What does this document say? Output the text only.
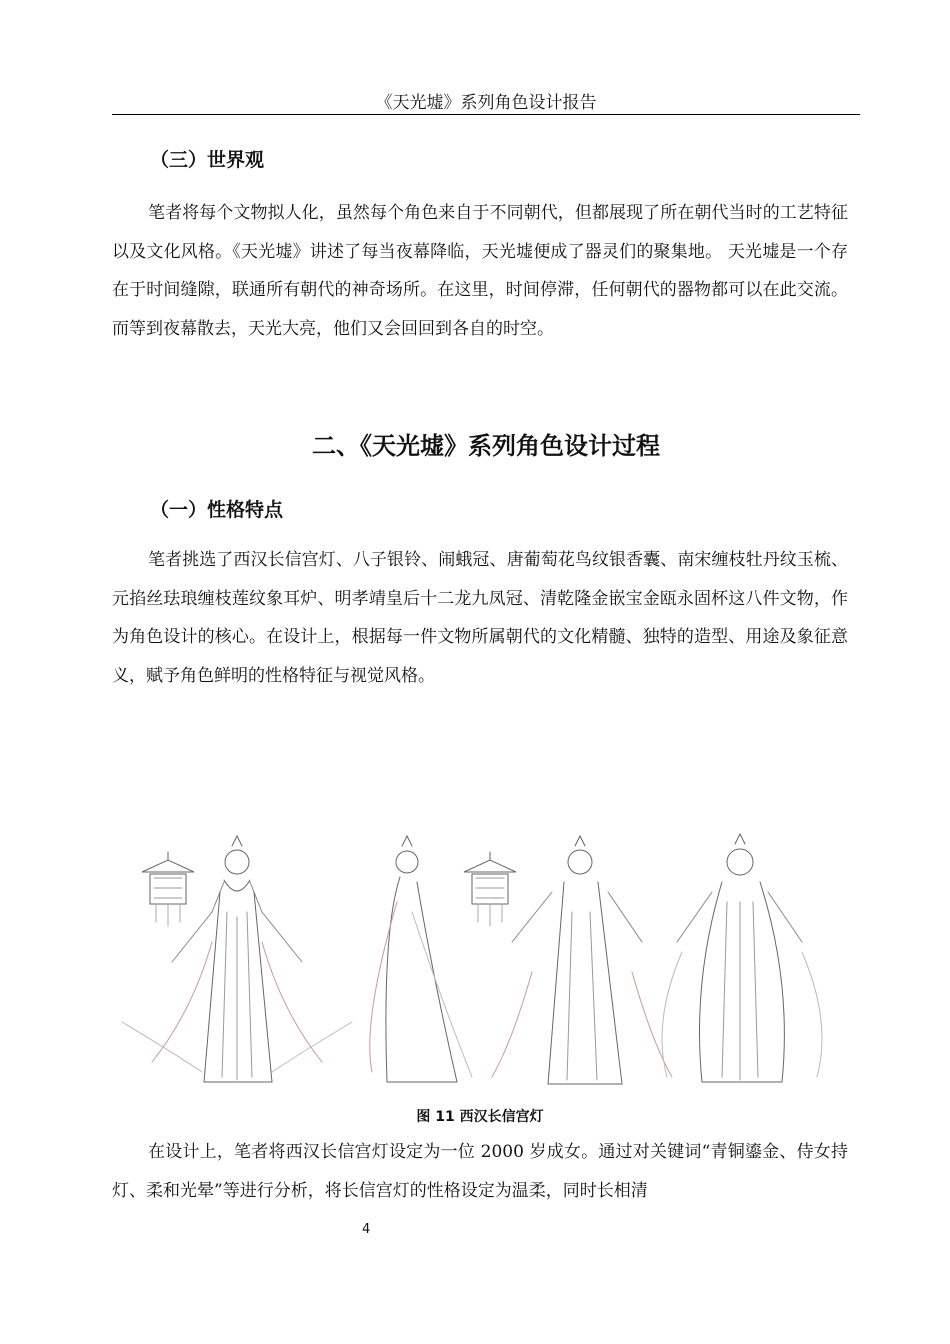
《天光墟》系列角色设计报告
（三）世界观

笔者将每个文物拟人化，虽然每个角色来自于不同朝代，但都展现了所在朝代当时的工艺特征以及文化风格。《天光墟》讲述了每当夜幕降临，天光墟便成了器灵们的聚集地。 天光墟是一个存在于时间缝隙，联通所有朝代的神奇场所。在这里，时间停滞，任何朝代的器物都可以在此交流。而等到夜幕散去，天光大亮，他们又会回回到各自的时空。

二、《天光墟》系列角色设计过程
（一）性格特点

笔者挑选了西汉长信宫灯、八子银铃、闹蛾冠、唐葡萄花鸟纹银香囊、南宋缠枝牡丹纹玉梳、元掐丝珐琅缠枝莲纹象耳炉、明孝靖皇后十二龙九凤冠、清乾隆金嵌宝金瓯永固杯这八件文物，作为角色设计的核心。在设计上，根据每一件文物所属朝代的文化精髓、独特的造型、用途及象征意义，赋予角色鲜明的性格特征与视觉风格。

图 11 西汉长信宫灯

在设计上，笔者将西汉长信宫灯设定为一位 2000 岁成女。通过对关键词“青铜鎏金、侍女持灯、柔和光晕”等进行分析，将长信宫灯的性格设定为温柔，同时长相清

4
